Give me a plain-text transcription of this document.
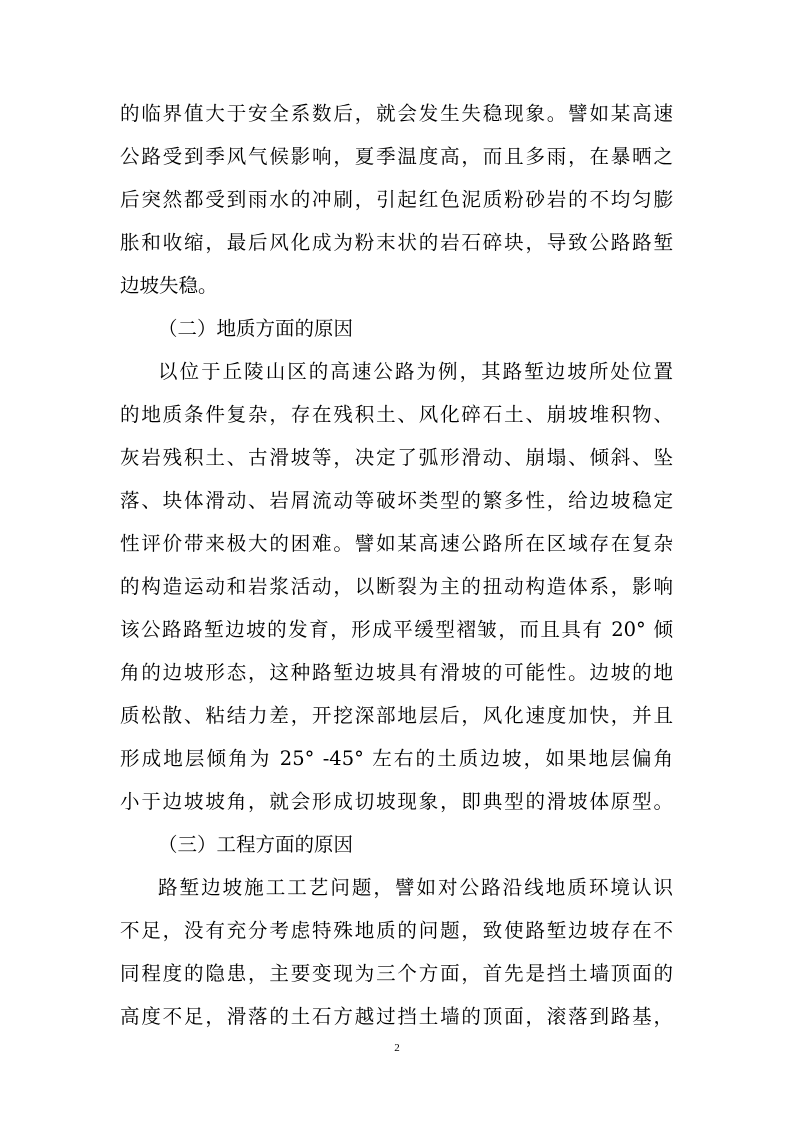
的临界值大于安全系数后，就会发生失稳现象。譬如某高速
公路受到季风气候影响，夏季温度高，而且多雨，在暴晒之
后突然都受到雨水的冲刷，引起红色泥质粉砂岩的不均匀膨
胀和收缩，最后风化成为粉末状的岩石碎块，导致公路路堑
边坡失稳。
（二）地质方面的原因
以位于丘陵山区的高速公路为例，其路堑边坡所处位置
的地质条件复杂，存在残积土、风化碎石土、崩坡堆积物、
灰岩残积土、古滑坡等，决定了弧形滑动、崩塌、倾斜、坠
落、块体滑动、岩屑流动等破坏类型的繁多性，给边坡稳定
性评价带来极大的困难。譬如某高速公路所在区域存在复杂
的构造运动和岩浆活动，以断裂为主的扭动构造体系，影响
该公路路堑边坡的发育，形成平缓型褶皱，而且具有 20° 倾
角的边坡形态，这种路堑边坡具有滑坡的可能性。边坡的地
质松散、粘结力差，开挖深部地层后，风化速度加快，并且
形成地层倾角为 25° -45° 左右的土质边坡，如果地层偏角
小于边坡坡角，就会形成切坡现象，即典型的滑坡体原型。
（三）工程方面的原因
路堑边坡施工工艺问题，譬如对公路沿线地质环境认识
不足，没有充分考虑特殊地质的问题，致使路堑边坡存在不
同程度的隐患，主要变现为三个方面，首先是挡土墙顶面的
高度不足，滑落的土石方越过挡土墙的顶面，滚落到路基，
2
